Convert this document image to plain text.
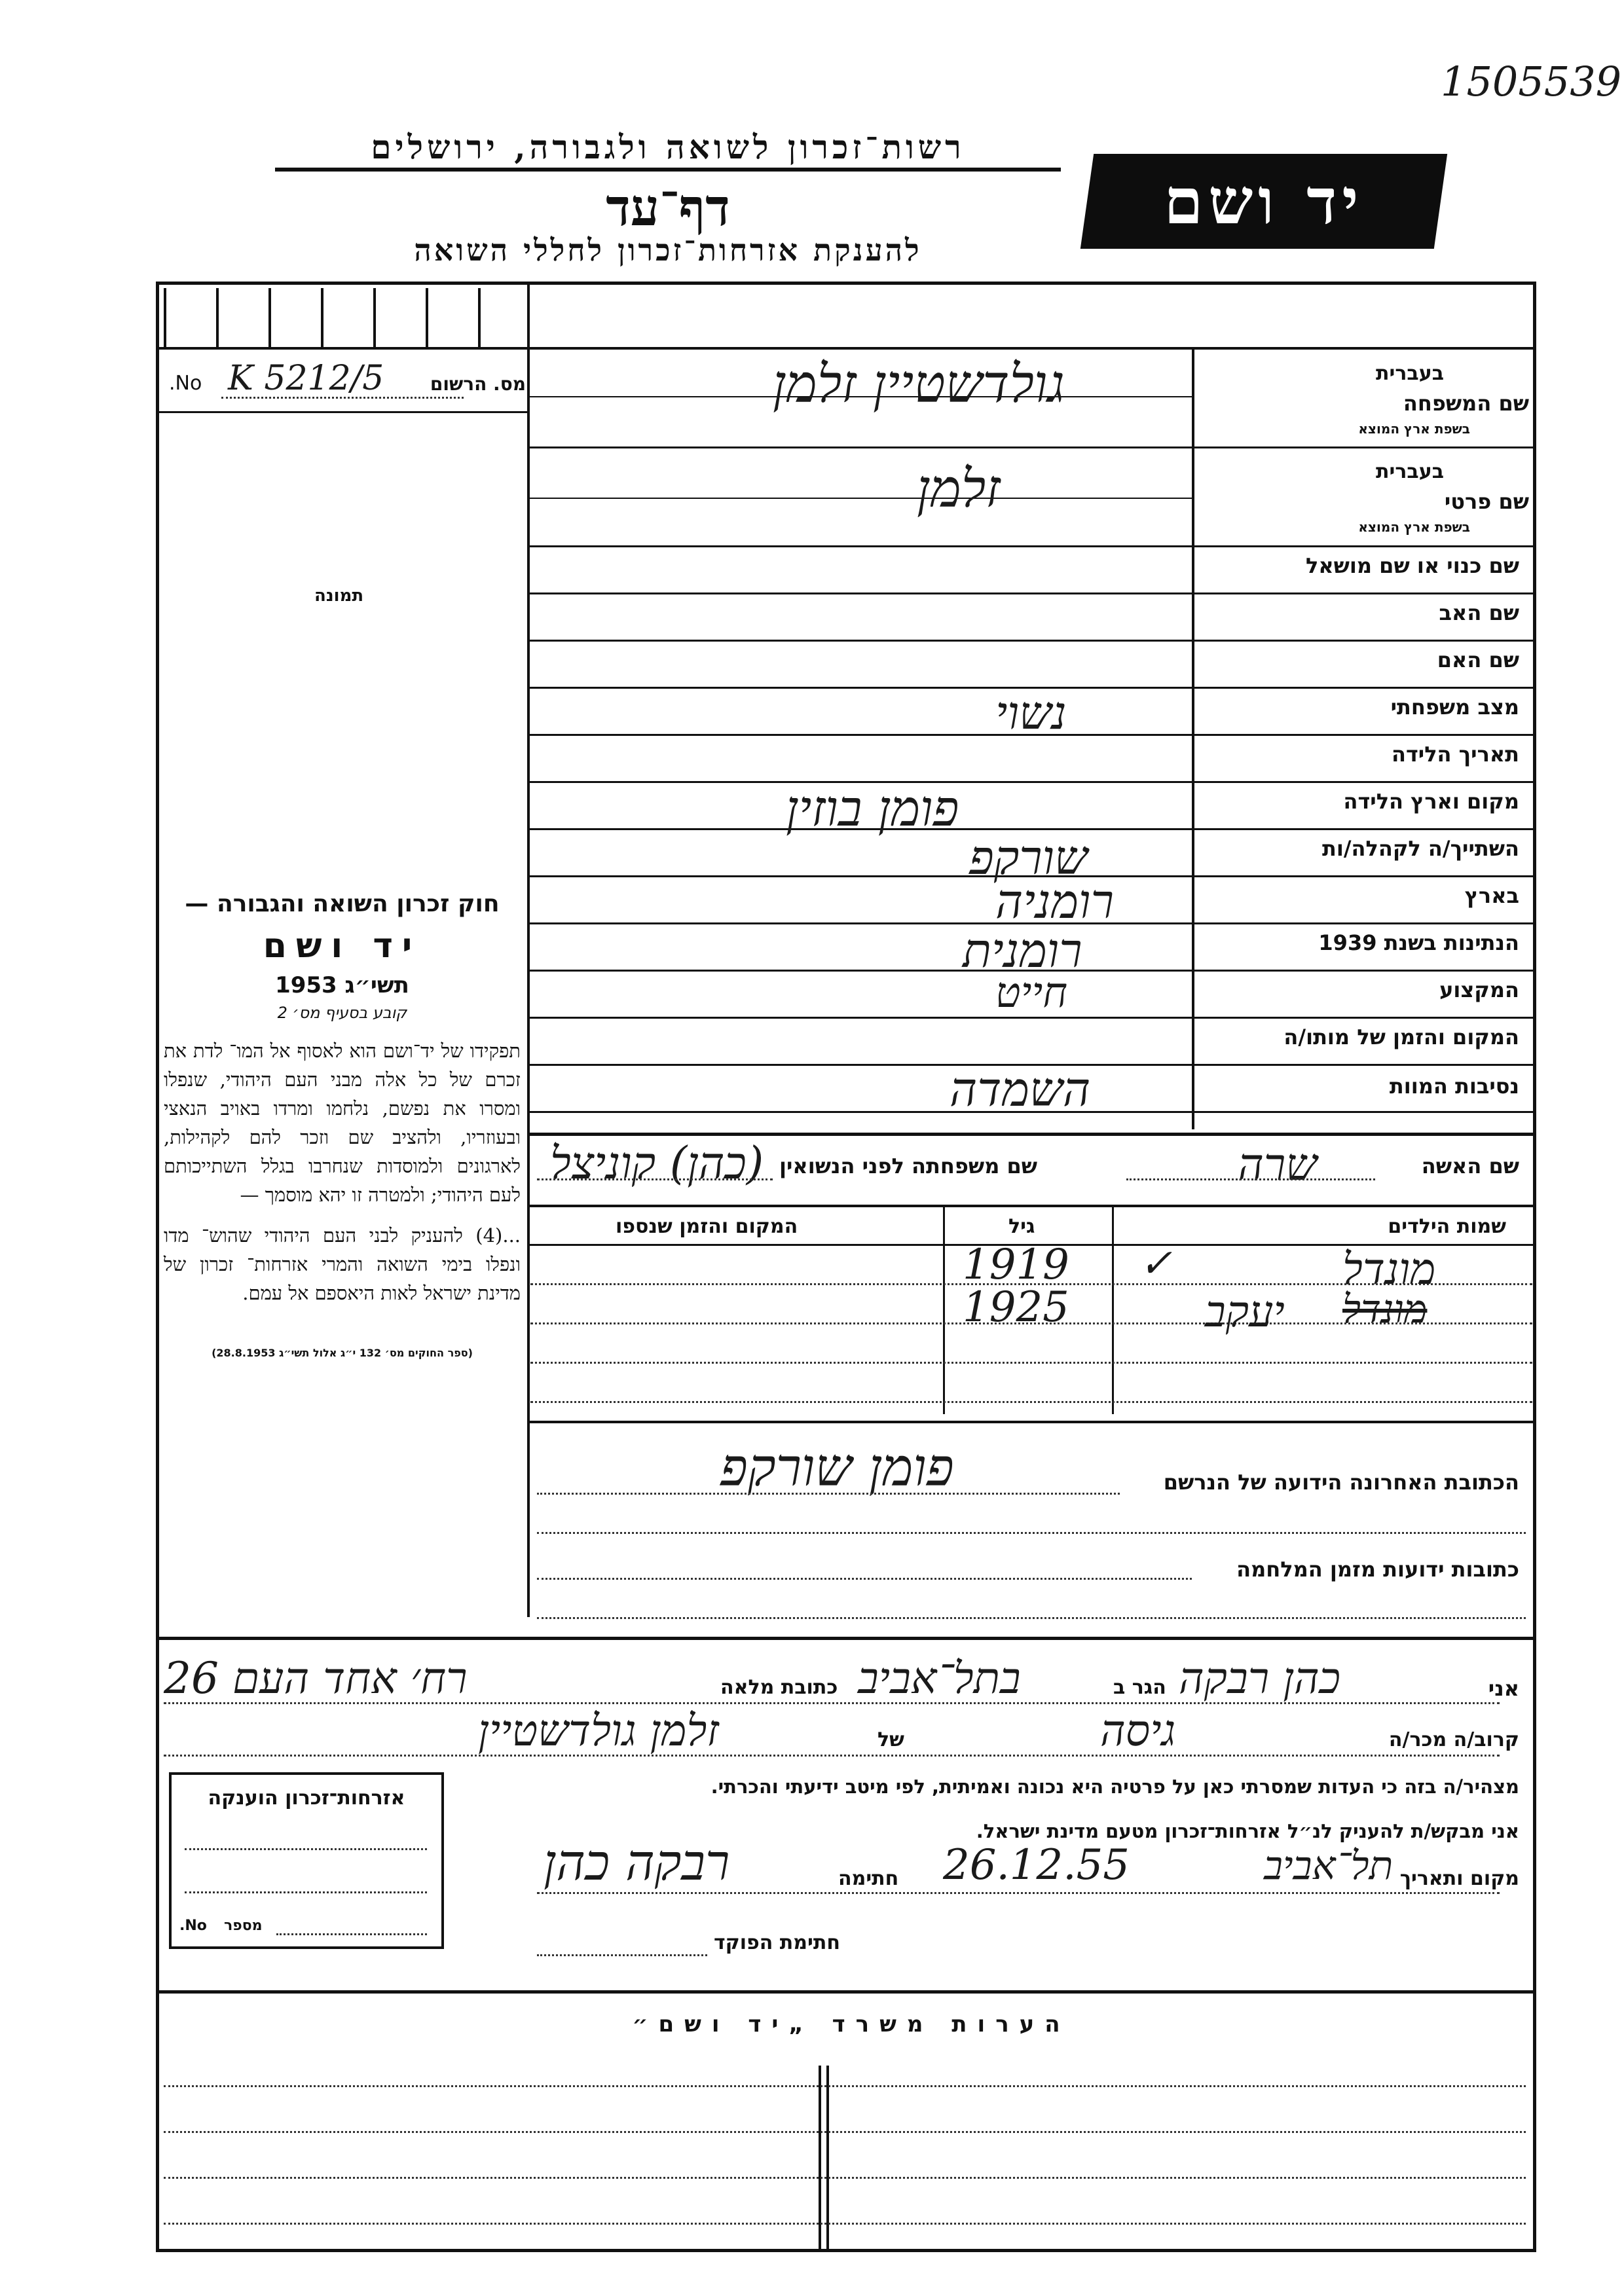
1505539
רשות־זכרון לשואה ולגבורה, ירושלים
דף־עד
להענקת אזרחות־זכרון לחללי השואה
יד ושם
No. K 5212/5	מס. הרשום
תמונה
חוק זכרון השואה והגבורה —
יד ושם
תשי״ג 1953
קובע בסעיף מס׳ 2
תפקידו של יד־ושם הוא לאסוף אל המו־ לדת את זכרם של כל אלה מבני העם היהודי, שנפלו ומסרו את נפשם, נלחמו ומרדו באויב הנאצי ובעוזריו, ולהציב שם וזכר להם לקהילות, לארגונים ולמוסדות שנחרבו בגלל השתייכותם לעם היהודי; ולמטרה זו יהא מוסמך —
...(4) להעניק לבני העם היהודי שהוש־ מדו ונפלו בימי השואה והמרי אזרחות־ זכרון של מדינת ישראל לאות היאספם אל עמם.
(ספר החוקים מס׳ 132 י״ג אלול תשי״ג 28.8.1953)
בעברית
שם המשפחה
בשפת ארץ המוצא
גולדשטיין זלמן
בעברית
שם פרטי
בשפת ארץ המוצא
זלמן
שם כנוי או שם מושאל
שם האב
שם האם
מצב משפחתי
נשוי
תאריך הלידה
מקום וארץ הלידה
פומן בוזין
השתייך/ה לקהלה/ות
שורקפ
בארץ
רומניה
הנתינות בשנת 1939
רומנית
המקצוע
חייט
המקום והזמן של מותו/ה
נסיבות המוות
השמדה
שם האשה
שרה
שם משפחתה לפני הנשואין
(כהן) קוניצל
שמות הילדים
גיל
המקום והזמן שנספו
✓	מונדל
1919
יעקב מונדל
1925
הכתובת האחרונה הידועה של הנרשם
פומן שורקפ
כתובות ידועות מזמן המלחמה
אני
כהן רבקה
הגר ב
בתל־אביב
כתובת מלאה
רח׳ אחד העם 26
קרוב/ה מכר/ה
גיסה
של
זלמן גולדשטיין
מצהיר/ה בזה כי העדות שמסרתי כאן על פרטיה היא נכונה ואמיתית, לפי מיטב ידיעתי והכרתי.
אני מבקש/ת להעניק לנ״ל אזרחות־זכרון מטעם מדינת ישראל.
מקום ותאריך
תל־אביב
26.12.55
חתימה
רבקה כהן
חתימת הפוקד
אזרחות־זכרון הוענקה
No. מספר
הערות משרד „יד ושם״
